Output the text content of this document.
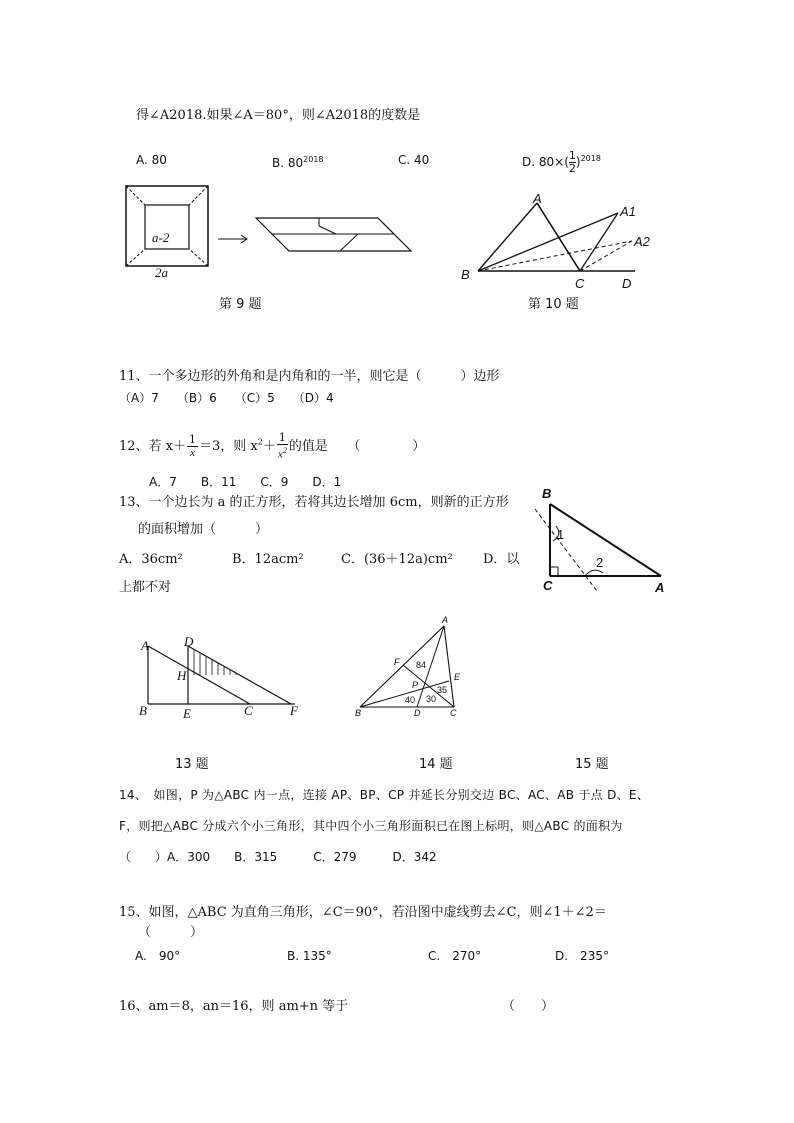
得∠A2018.如果∠A＝80°，则∠A2018的度数是
A. 80	B. $80^{2018}$	C. 40	D. $80\times( \frac{1}{2} )^{2018}$
a-2
2a
第 9 题
A
A1
A2
B
C	D
第 10 题
11、一个多边形的外角和是内角和的一半，则它是（　　　）边形
（A）7　　（B）6　　（C）5　　（D）4
12、若 $x+ \frac{1}{x} =3$，则 $x^2+ \frac{1}{x^2}$ 的值是　　（　　　　）
A．7　　B．11　　C．9　　D．1
13、一个边长为 a 的正方形，若将其边长增加 6cm，则新的正方形
的面积增加（　　　）
A．36cm²	B．12acm²	C．(36＋12a)cm² D．以
上都不对
B
1
2
C	A
A	D
H
B	E	C	F
13 题
A
F 84
E
P 35
40 30
B	D	C
14 题	15 题
14、　如图，P 为△ABC 内一点，连接 AP、BP、CP 并延长分别交边 BC、AC、AB 于点 D、E、
F，则把△ABC 分成六个小三角形，其中四个小三角形面积已在图上标明，则△ABC 的面积为
（　　）A．300　　B．315　　　C．279　　　D．342
15、如图，△ABC 为直角三角形，∠C＝90°，若沿图中虚线剪去∠C，则∠1＋∠2＝
（　　　）
A.　90°	B. 135°	C.　270°	D.　235°
16、am＝8，an＝16，则 am+n 等于	（　　）
